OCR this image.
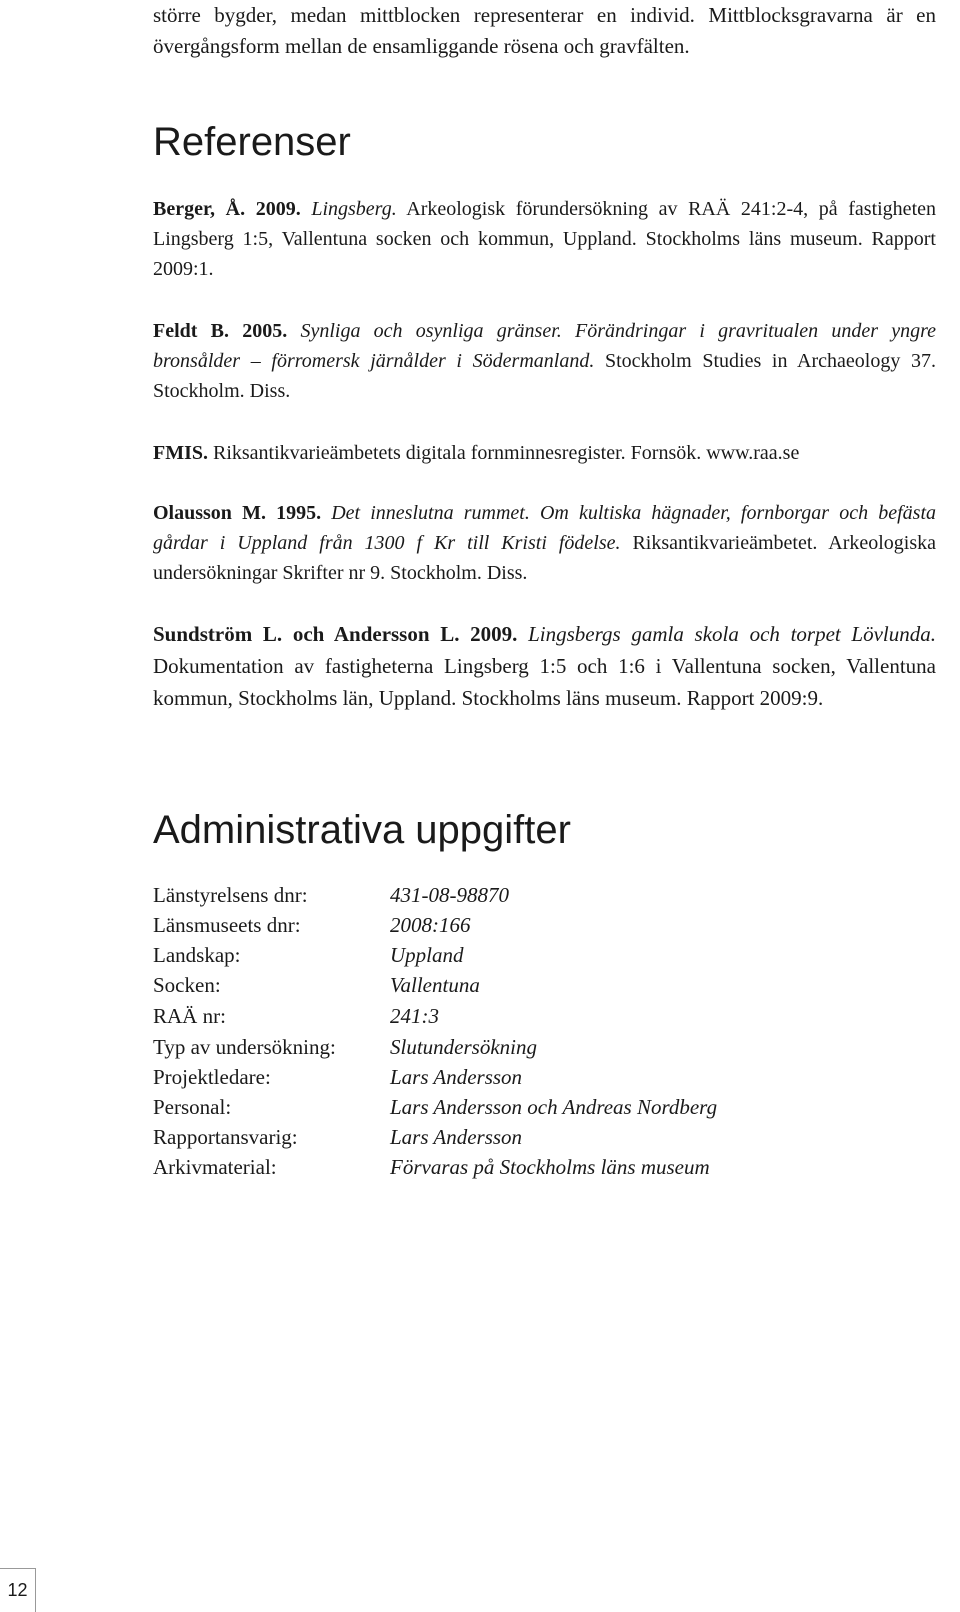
större bygder, medan mittblocken representerar en individ. Mittblocksgravarna är en övergångsform mellan de ensamliggande rösena och gravfälten.

Referenser

Berger, Å. 2009. Lingsberg. Arkeologisk förundersökning av RAÄ 241:2-4, på fastigheten Lingsberg 1:5, Vallentuna socken och kommun, Uppland. Stockholms läns museum. Rapport 2009:1.

Feldt B. 2005. Synliga och osynliga gränser. Förändringar i gravritualen under yngre bronsålder – förromersk järnålder i Södermanland. Stockholm Studies in Archaeology 37. Stockholm. Diss.

FMIS. Riksantikvarieämbetets digitala fornminnesregister. Fornsök. www.raa.se

Olausson M. 1995. Det inneslutna rummet. Om kultiska hägnader, fornborgar och befästa gårdar i Uppland från 1300 f Kr till Kristi födelse. Riksantikvarieämbetet. Arkeologiska undersökningar Skrifter nr 9. Stockholm. Diss.

Sundström L. och Andersson L. 2009. Lingsbergs gamla skola och torpet Lövlunda. Dokumentation av fastigheterna Lingsberg 1:5 och 1:6 i Vallentuna socken, Vallentuna kommun, Stockholms län, Uppland. Stockholms läns museum. Rapport 2009:9.

Administrativa uppgifter
Länstyrelsens dnr:	431-08-98870
Länsmuseets dnr:	2008:166
Landskap:	Uppland
Socken:	Vallentuna
RAÄ nr:	241:3
Typ av undersökning:	Slutundersökning
Projektledare:	Lars Andersson
Personal:	Lars Andersson och Andreas Nordberg
Rapportansvarig:	Lars Andersson
Arkivmaterial:	Förvaras på Stockholms läns museum
12
